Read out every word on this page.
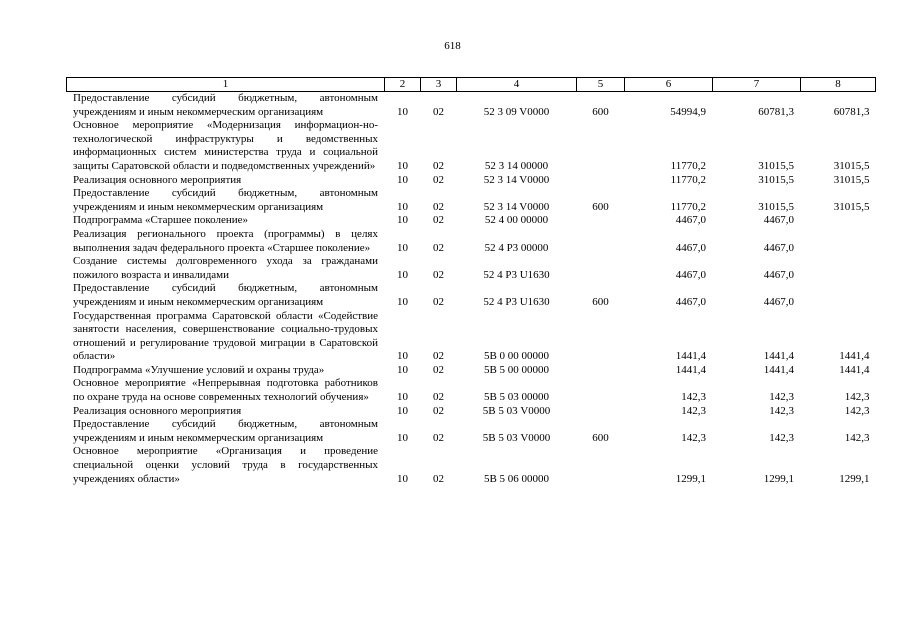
618
1	2	3	4	5	6	7	8
Предоставление субсидий бюджетным, автономным учреждениям и иным некоммерческим организациям	10	02	52 3 09 V0000	600	54994,9	60781,3	60781,3
Основное мероприятие «Модернизация информацион-но-технологической инфраструктуры и ведомственных информационных систем министерства труда и социальной защиты Саратовской области и подведомственных учреждений»	10	02	52 3 14 00000		11770,2	31015,5	31015,5
Реализация основного мероприятия	10	02	52 3 14 V0000		11770,2	31015,5	31015,5
Предоставление субсидий бюджетным, автономным учреждениям и иным некоммерческим организациям	10	02	52 3 14 V0000	600	11770,2	31015,5	31015,5
Подпрограмма «Старшее поколение»	10	02	52 4 00 00000		4467,0	4467,0	
Реализация регионального проекта (программы) в целях выполнения задач федерального проекта «Старшее поколение»	10	02	52 4 P3 00000		4467,0	4467,0	
Создание системы долговременного ухода за гражданами пожилого возраста и инвалидами	10	02	52 4 P3 U1630		4467,0	4467,0	
Предоставление субсидий бюджетным, автономным учреждениям и иным некоммерческим организациям	10	02	52 4 P3 U1630	600	4467,0	4467,0	
Государственная программа Саратовской области «Содействие занятости населения, совершенствование социально-трудовых отношений и регулирование трудовой миграции в Саратовской области»	10	02	5В 0 00 00000		1441,4	1441,4	1441,4
Подпрограмма «Улучшение условий и охраны труда»	10	02	5В 5 00 00000		1441,4	1441,4	1441,4
Основное мероприятие «Непрерывная подготовка работников по охране труда на основе современных технологий обучения»	10	02	5В 5 03 00000		142,3	142,3	142,3
Реализация основного мероприятия	10	02	5В 5 03 V0000		142,3	142,3	142,3
Предоставление субсидий бюджетным, автономным учреждениям и иным некоммерческим организациям	10	02	5В 5 03 V0000	600	142,3	142,3	142,3
Основное мероприятие «Организация и проведение специальной оценки условий труда в государственных учреждениях области»	10	02	5В 5 06 00000		1299,1	1299,1	1299,1
